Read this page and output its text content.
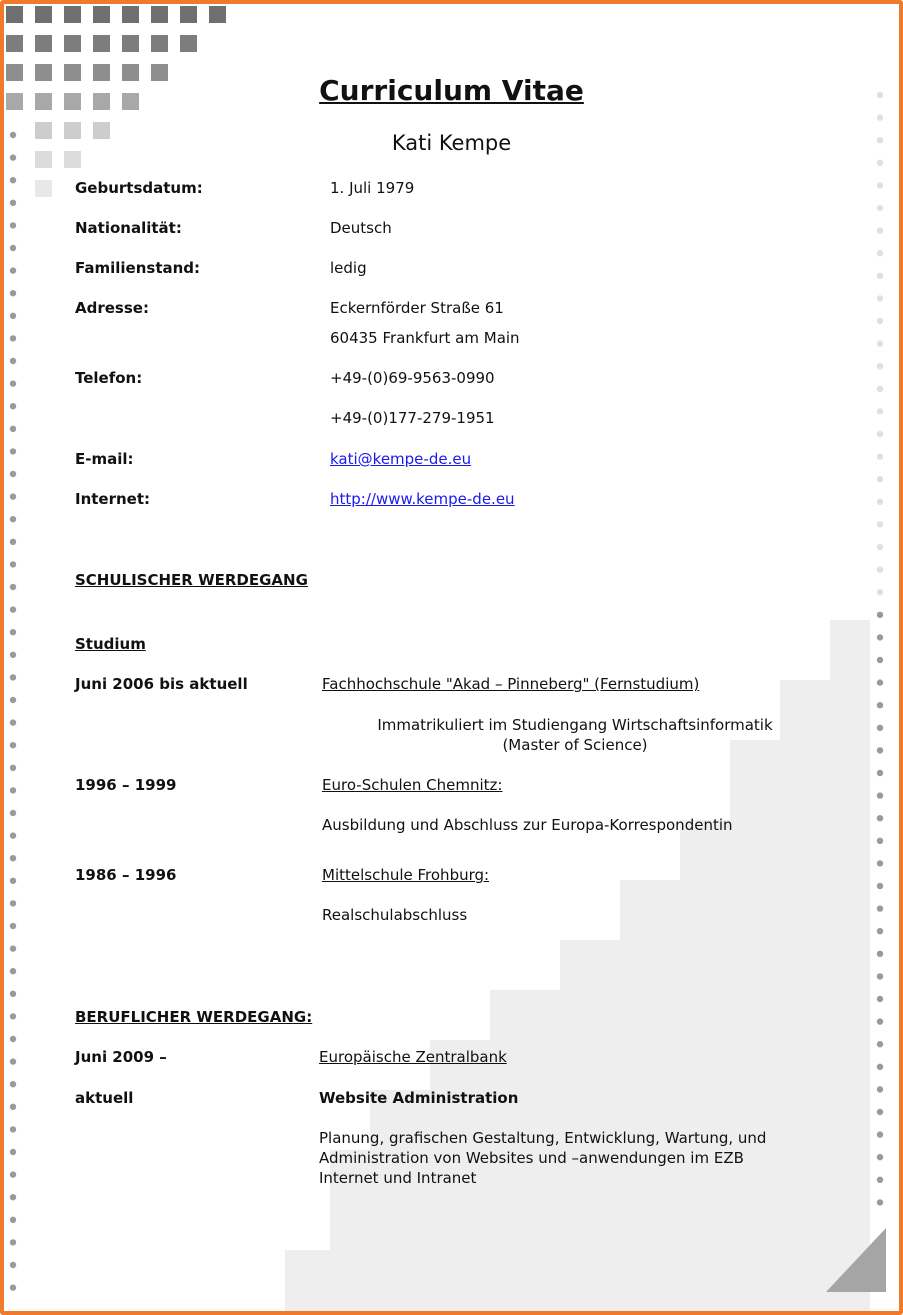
Curriculum Vitae
Kati Kempe
Geburtsdatum:	1. Juli 1979
Nationalität:	Deutsch
Familienstand:	ledig
Adresse:	Eckernförder Straße 61
60435 Frankfurt am Main
Telefon:	+49-(0)69-9563-0990
+49-(0)177-279-1951
E-mail:	kati@kempe-de.eu
Internet:	http://www.kempe-de.eu
SCHULISCHER WERDEGANG
Studium
Juni 2006 bis aktuell	Fachhochschule "Akad – Pinneberg" (Fernstudium)
Immatrikuliert im Studiengang Wirtschaftsinformatik
(Master of Science)
1996 – 1999	Euro-Schulen Chemnitz:
Ausbildung und Abschluss zur Europa-Korrespondentin
1986 – 1996	Mittelschule Frohburg:
Realschulabschluss
BERUFLICHER WERDEGANG:
Juni 2009 –	Europäische Zentralbank
aktuell	Website Administration
Planung, grafischen Gestaltung, Entwicklung, Wartung, und
Administration von Websites und –anwendungen im EZB
Internet und Intranet
